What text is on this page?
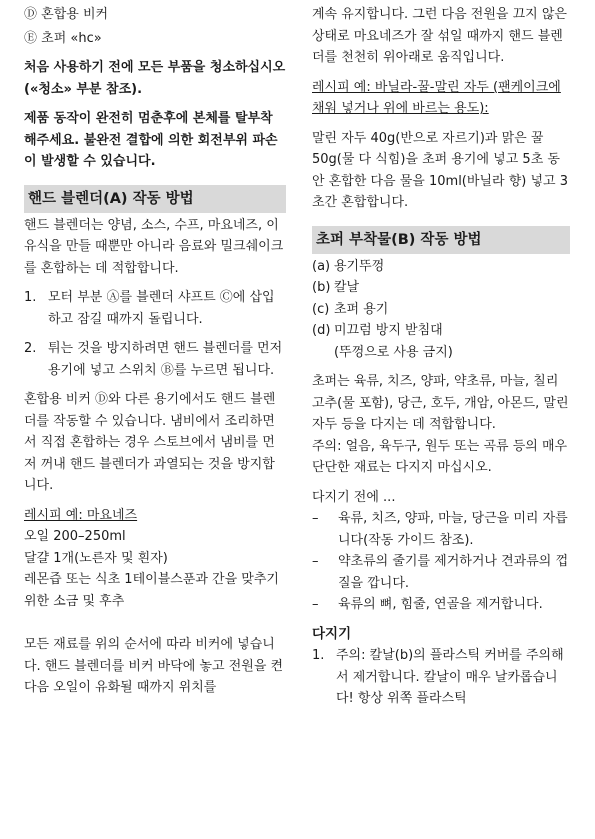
Ⓓ 혼합용 비커

Ⓔ 초퍼 «hc»

처음 사용하기 전에 모든 부품을 청소하십시오(«청소» 부분 참조).

제품 동작이 완전히 멈춘후에 본체를 탈부착 해주세요. 불완전 결합에 의한 회전부위 파손이 발생할 수 있습니다.

핸드 블렌더(A) 작동 방법

핸드 블렌더는 양념, 소스, 수프, 마요네즈, 이유식을 만들 때뿐만 아니라 음료와 밀크쉐이크를 혼합하는 데 적합합니다.

1. 모터 부분 Ⓐ를 블렌더 샤프트 Ⓒ에 삽입하고 잠길 때까지 돌립니다.
2. 튀는 것을 방지하려면 핸드 블렌더를 먼저 용기에 넣고 스위치 Ⓑ를 누르면 됩니다.

혼합용 비커 Ⓓ와 다른 용기에서도 핸드 블렌더를 작동할 수 있습니다. 냄비에서 조리하면서 직접 혼합하는 경우 스토브에서 냄비를 먼저 꺼내 핸드 블렌더가 과열되는 것을 방지합니다.

레시피 예: 마요네즈

오일 200–250ml

달걀 1개(노른자 및 흰자)

레몬즙 또는 식초 1테이블스푼과 간을 맞추기 위한 소금 및 후추

모든 재료를 위의 순서에 따라 비커에 넣습니다. 핸드 블렌더를 비커 바닥에 놓고 전원을 켠 다음 오일이 유화될 때까지 위치를

계속 유지합니다. 그런 다음 전원을 끄지 않은 상태로 마요네즈가 잘 섞일 때까지 핸드 블렌더를 천천히 위아래로 움직입니다.

레시피 예: 바닐라-꿀-말린 자두 (팬케이크에 채워 넣거나 위에 바르는 용도):

말린 자두 40g(반으로 자르기)과 맑은 꿀 50g(물 다 식힘)을 초퍼 용기에 넣고 5초 동안 혼합한 다음 물을 10ml(바닐라 향) 넣고 3초간 혼합합니다.

초퍼 부착물(B) 작동 방법
(a) 용기뚜껑
(b) 칼날
(c) 초퍼 용기
(d) 미끄럼 방지 받침대

(뚜껑으로 사용 금지)

초퍼는 육류, 치즈, 양파, 약초류, 마늘, 칠리고추(물 포함), 당근, 호두, 개암, 아몬드, 말린 자두 등을 다지는 데 적합합니다.

주의: 얼음, 육두구, 원두 또는 곡류 등의 매우 단단한 재료는 다지지 마십시오.

다지기 전에 ...

–	육류, 치즈, 양파, 마늘, 당근을 미리 자릅니다(작동 가이드 참조).
–	약초류의 줄기를 제거하거나 견과류의 껍질을 깝니다.
–	육류의 뼈, 힘줄, 연골을 제거합니다.

다지기

1. 주의: 칼날(b)의 플라스틱 커버를 주의해서 제거합니다. 칼날이 매우 날카롭습니다! 항상 위쪽 플라스틱
